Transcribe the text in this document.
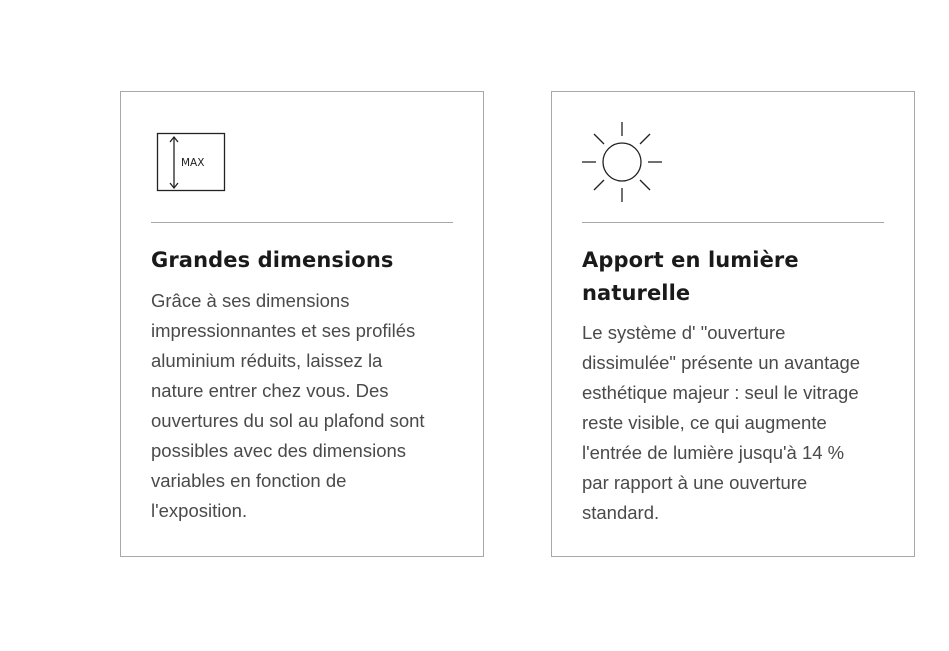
MAX
Grandes dimensions

Grâce à ses dimensions
impressionnantes et ses profilés
aluminium réduits, laissez la
nature entrer chez vous. Des
ouvertures du sol au plafond sont
possibles avec des dimensions
variables en fonction de
l'exposition.

Apport en lumière
naturelle

Le système d' "ouverture
dissimulée" présente un avantage
esthétique majeur : seul le vitrage
reste visible, ce qui augmente
l'entrée de lumière jusqu'à 14 %
par rapport à une ouverture
standard.
